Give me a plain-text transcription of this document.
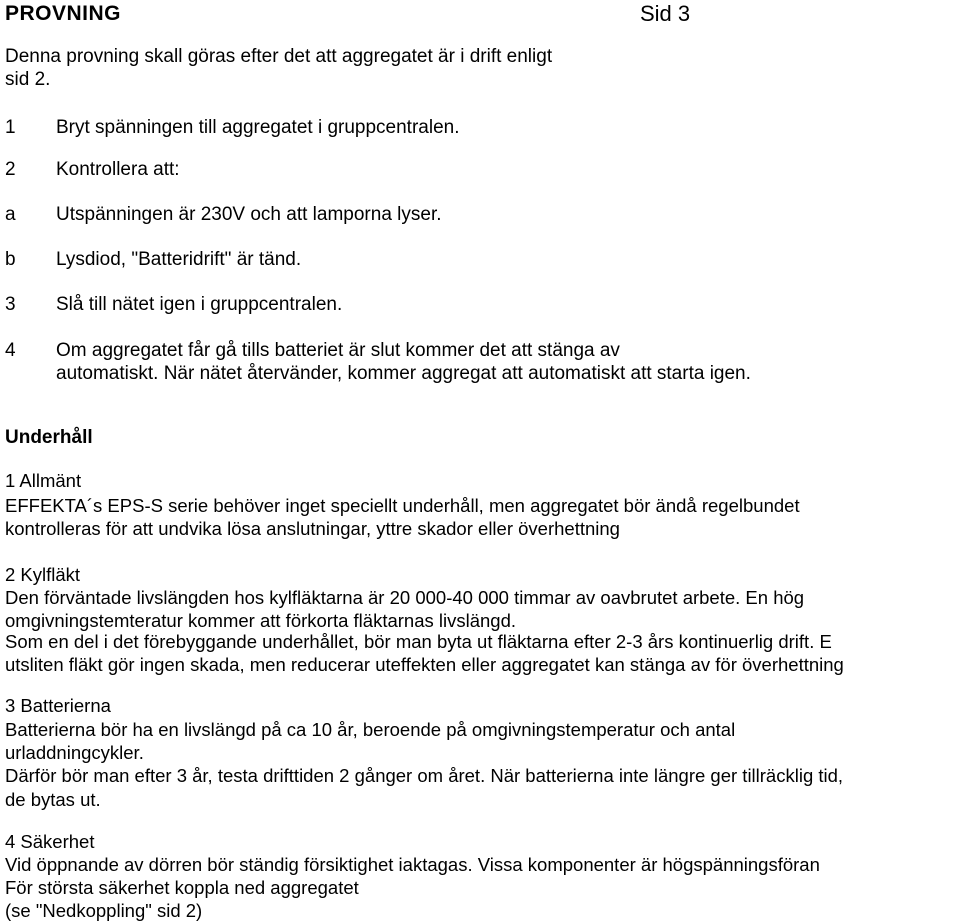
PROVNING	Sid 3
Denna provning skall göras efter det att aggregatet är i drift enligt
sid 2.
1 Bryt spänningen till aggregatet i gruppcentralen.
2 Kontrollera att:
a Utspänningen är 230V och att lamporna lyser.
b Lysdiod, "Batteridrift" är tänd.
3 Slå till nätet igen i gruppcentralen.
4 Om aggregatet får gå tills batteriet är slut kommer det att stänga av
automatiskt. När nätet återvänder, kommer aggregat att automatiskt att starta igen.
Underhåll
1 Allmänt
EFFEKTA´s EPS-S serie behöver inget speciellt underhåll, men aggregatet bör ändå regelbundet
kontrolleras för att undvika lösa anslutningar, yttre skador eller överhettning
2 Kylfläkt
Den förväntade livslängden hos kylfläktarna är 20 000-40 000 timmar av oavbrutet arbete. En hög
omgivningstemteratur kommer att förkorta fläktarnas livslängd.
Som en del i det förebyggande underhållet, bör man byta ut fläktarna efter 2-3 års kontinuerlig drift. E
utsliten fläkt gör ingen skada, men reducerar uteffekten eller aggregatet kan stänga av för överhettning
3 Batterierna
Batterierna bör ha en livslängd på ca 10 år, beroende på omgivningstemperatur och antal
urladdningcykler.
Därför bör man efter 3 år, testa drifttiden 2 gånger om året. När batterierna inte längre ger tillräcklig tid,
de bytas ut.
4 Säkerhet
Vid öppnande av dörren bör ständig försiktighet iaktagas. Vissa komponenter är högspänningsföran
För största säkerhet koppla ned aggregatet
(se "Nedkoppling" sid 2)
